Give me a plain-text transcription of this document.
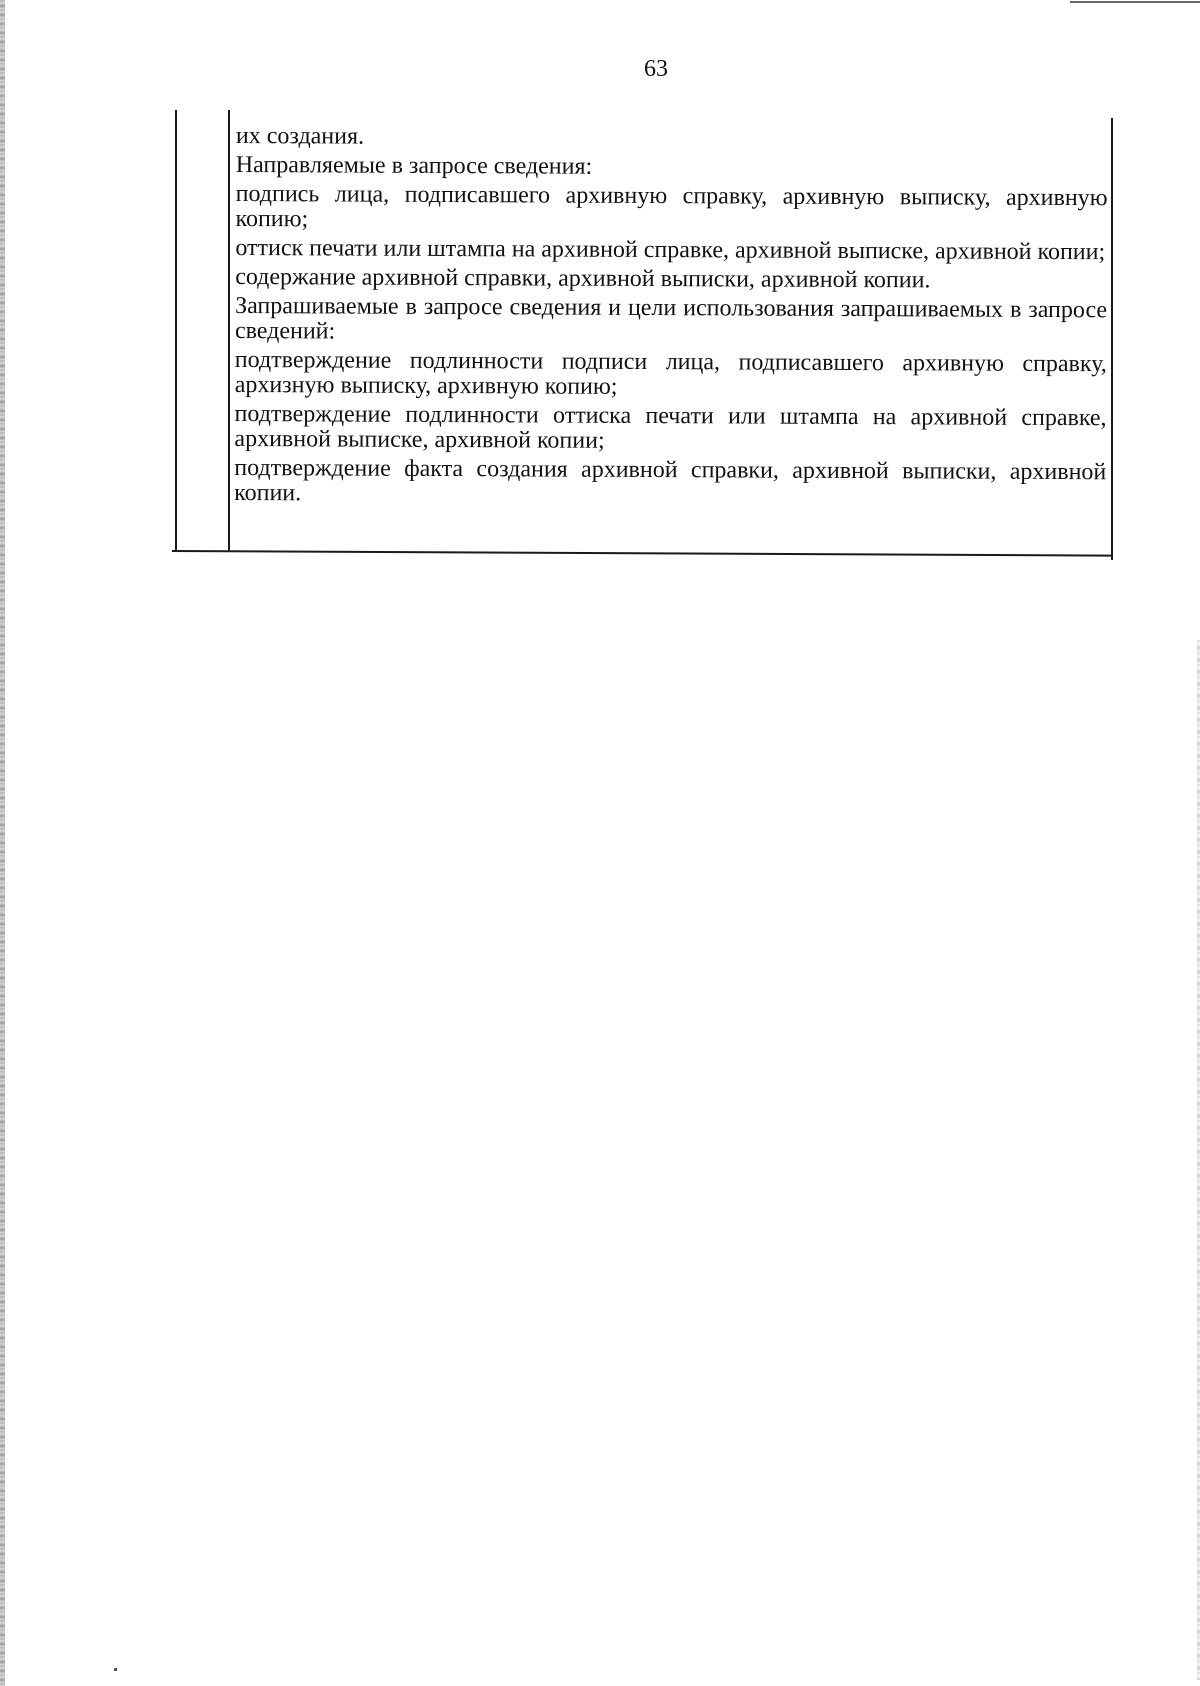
63

их создания.

Направляемые в запросе сведения:

подпись лица, подписавшего архивную справку, архивную выписку, архивную копию;

оттиск печати или штампа на архивной справке, архивной выписке, архивной копии;

содержание архивной справки, архивной выписки, архивной копии.

Запрашиваемые в запросе сведения и цели использования запрашиваемых в запросе сведений:

подтверждение подлинности подписи лица, подписавшего архивную справку, архизную выписку, архивную копию;

подтверждение подлинности оттиска печати или штампа на архивной справке, архивной выписке, архивной копии;

подтверждение факта создания архивной справки, архивной выписки, архивной копии.
